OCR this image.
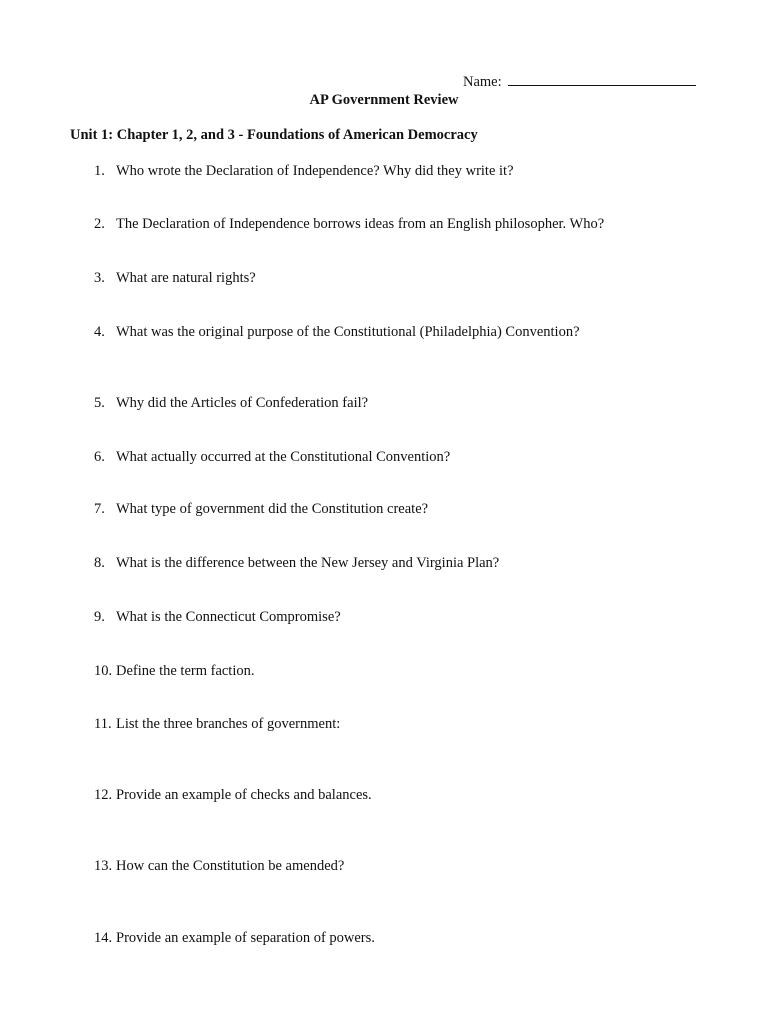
Name:
AP Government Review
Unit 1: Chapter 1, 2, and 3 - Foundations of American Democracy
1. Who wrote the Declaration of Independence? Why did they write it?
2. The Declaration of Independence borrows ideas from an English philosopher. Who?
3. What are natural rights?
4. What was the original purpose of the Constitutional (Philadelphia) Convention?
5. Why did the Articles of Confederation fail?
6. What actually occurred at the Constitutional Convention?
7. What type of government did the Constitution create?
8. What is the difference between the New Jersey and Virginia Plan?
9. What is the Connecticut Compromise?
10. Define the term faction.
11. List the three branches of government:
12. Provide an example of checks and balances.
13. How can the Constitution be amended?
14. Provide an example of separation of powers.
